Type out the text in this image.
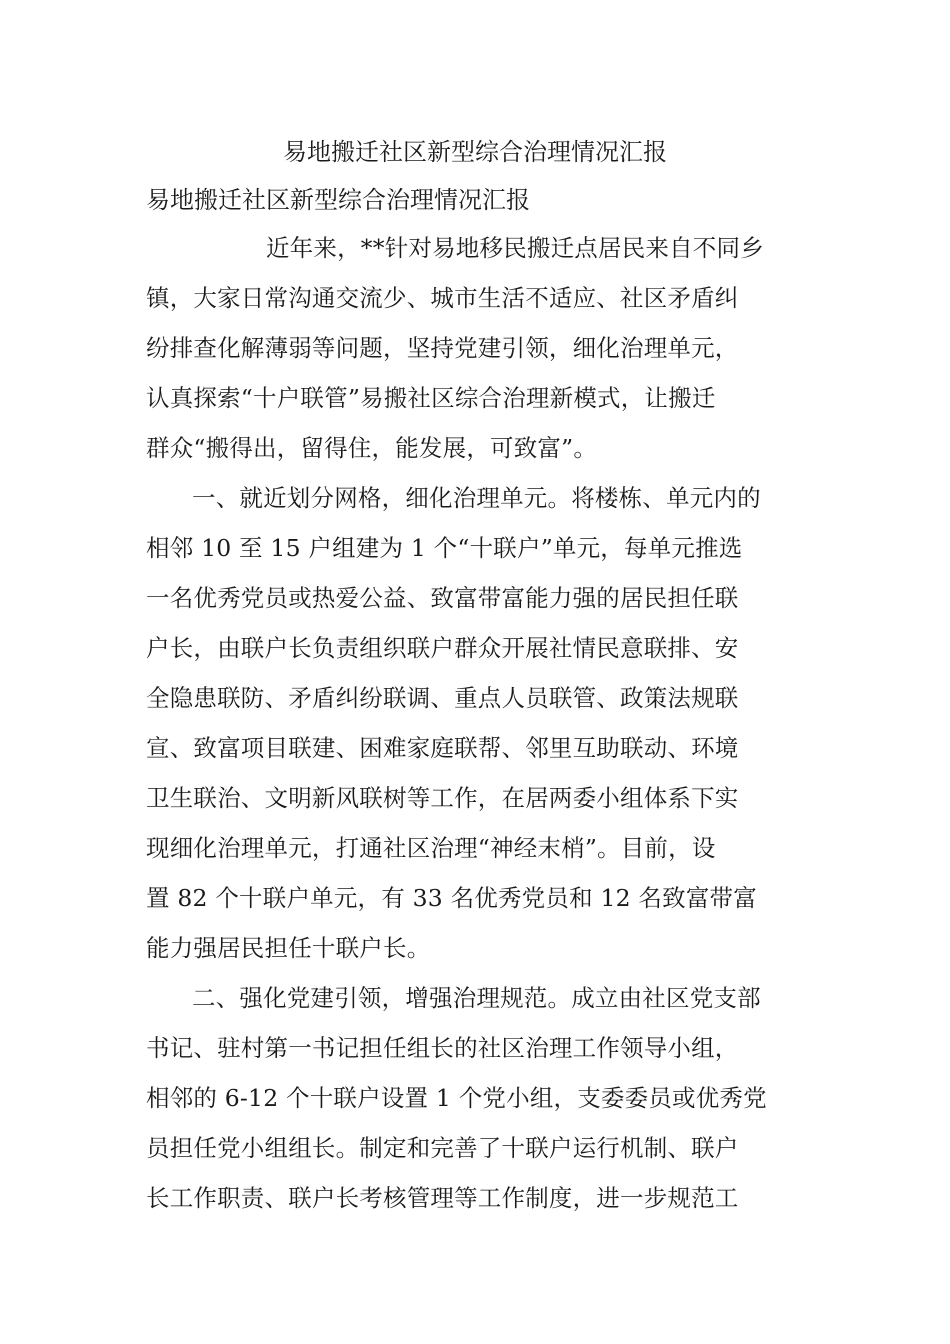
易地搬迁社区新型综合治理情况汇报
易地搬迁社区新型综合治理情况汇报
近年来，**针对易地移民搬迁点居民来自不同乡
镇，大家日常沟通交流少、城市生活不适应、社区矛盾纠
纷排查化解薄弱等问题，坚持党建引领，细化治理单元，
认真探索“十户联管”易搬社区综合治理新模式，让搬迁
群众“搬得出，留得住，能发展，可致富”。
一、就近划分网格，细化治理单元。将楼栋、单元内的
相邻 10 至 15 户组建为 1 个“十联户”单元，每单元推选
一名优秀党员或热爱公益、致富带富能力强的居民担任联
户长，由联户长负责组织联户群众开展社情民意联排、安
全隐患联防、矛盾纠纷联调、重点人员联管、政策法规联
宣、致富项目联建、困难家庭联帮、邻里互助联动、环境
卫生联治、文明新风联树等工作，在居两委小组体系下实
现细化治理单元，打通社区治理“神经末梢”。目前，设
置 82 个十联户单元，有 33 名优秀党员和 12 名致富带富
能力强居民担任十联户长。
二、强化党建引领，增强治理规范。成立由社区党支部
书记、驻村第一书记担任组长的社区治理工作领导小组，
相邻的 6-12 个十联户设置 1 个党小组，支委委员或优秀党
员担任党小组组长。制定和完善了十联户运行机制、联户
长工作职责、联户长考核管理等工作制度，进一步规范工
